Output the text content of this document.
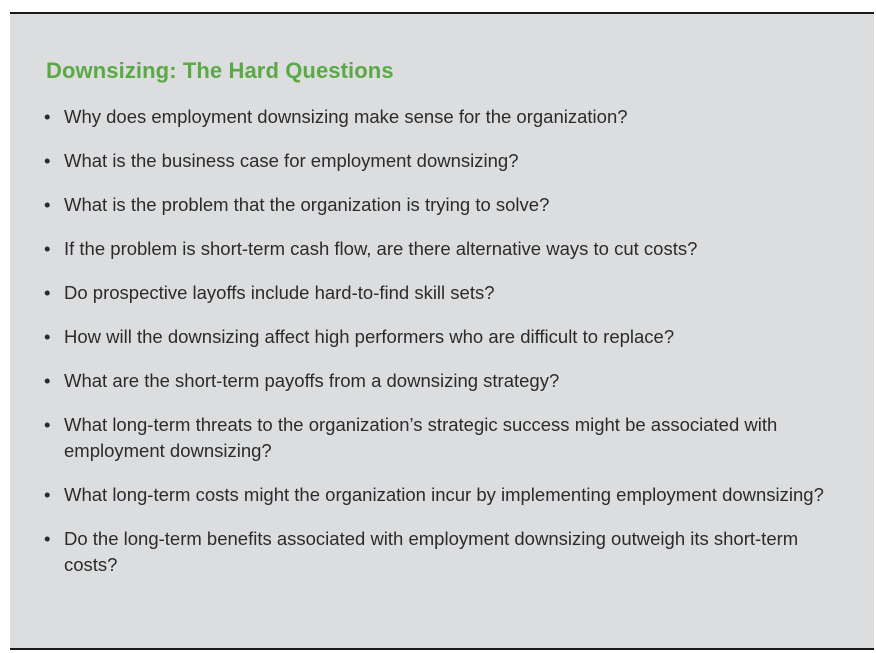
Downsizing: The Hard Questions
• Why does employment downsizing make sense for the organization?
• What is the business case for employment downsizing?
• What is the problem that the organization is trying to solve?
• If the problem is short-term cash flow, are there alternative ways to cut costs?
• Do prospective layoffs include hard-to-find skill sets?
• How will the downsizing affect high performers who are difficult to replace?
• What are the short-term payoffs from a downsizing strategy?
• What long-term threats to the organization’s strategic success might be associated with employment downsizing?
• What long-term costs might the organization incur by implementing employment downsizing?
• Do the long-term benefits associated with employment downsizing outweigh its short-term costs?
